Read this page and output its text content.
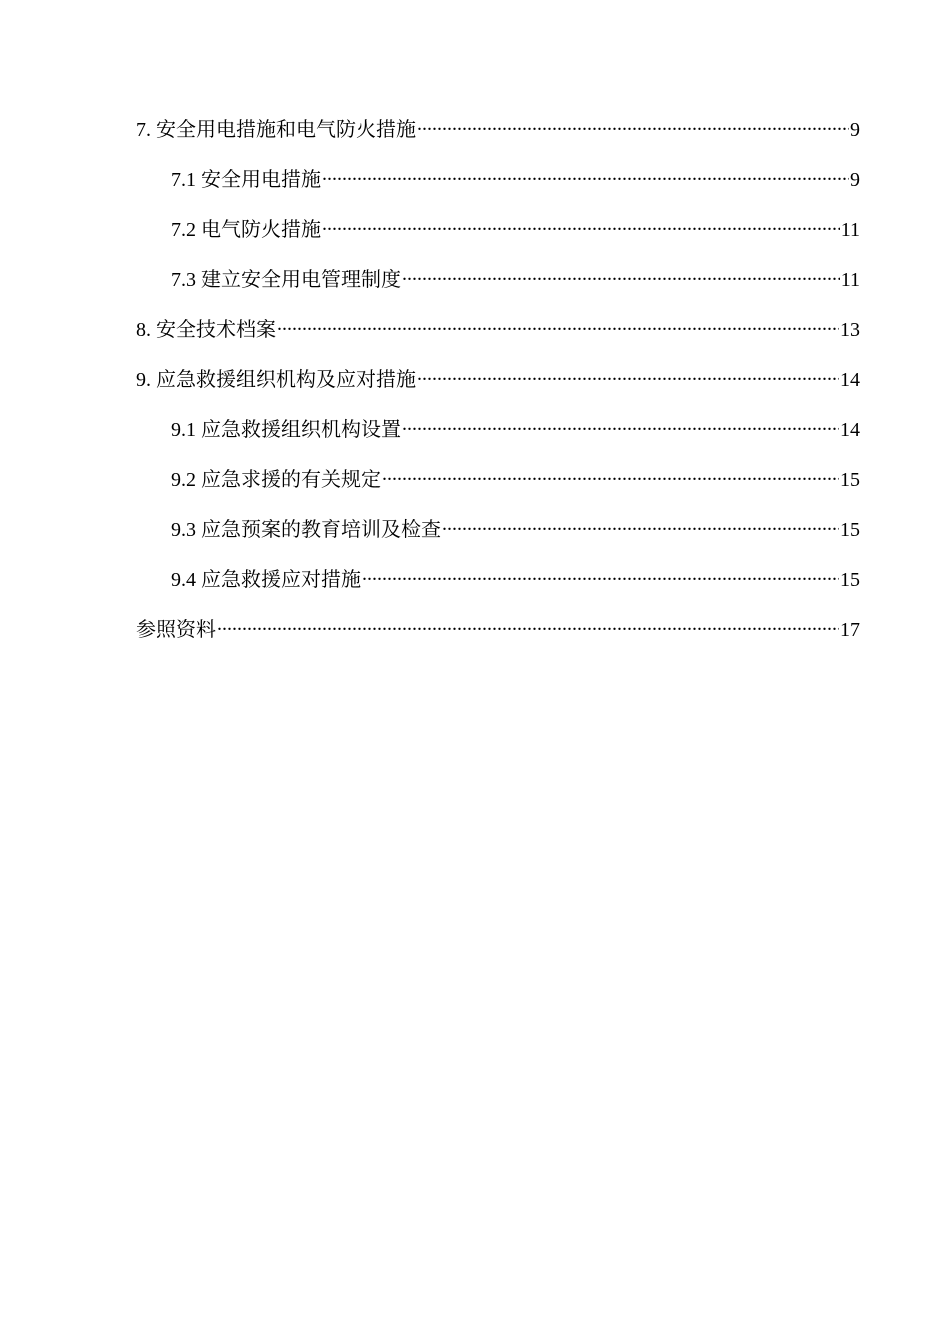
7. 安全用电措施和电气防火措施 .....	9
7.1 安全用电措施 .....	9
7.2 电气防火措施 .....	11
7.3 建立安全用电管理制度 .....	11
8. 安全技术档案 .....	13
9. 应急救援组织机构及应对措施 .....	14
9.1 应急救援组织机构设置 .....	14
9.2 应急求援的有关规定 .....	15
9.3 应急预案的教育培训及检查 .....	15
9.4 应急救援应对措施 .....	15
参照资料 .....	17
